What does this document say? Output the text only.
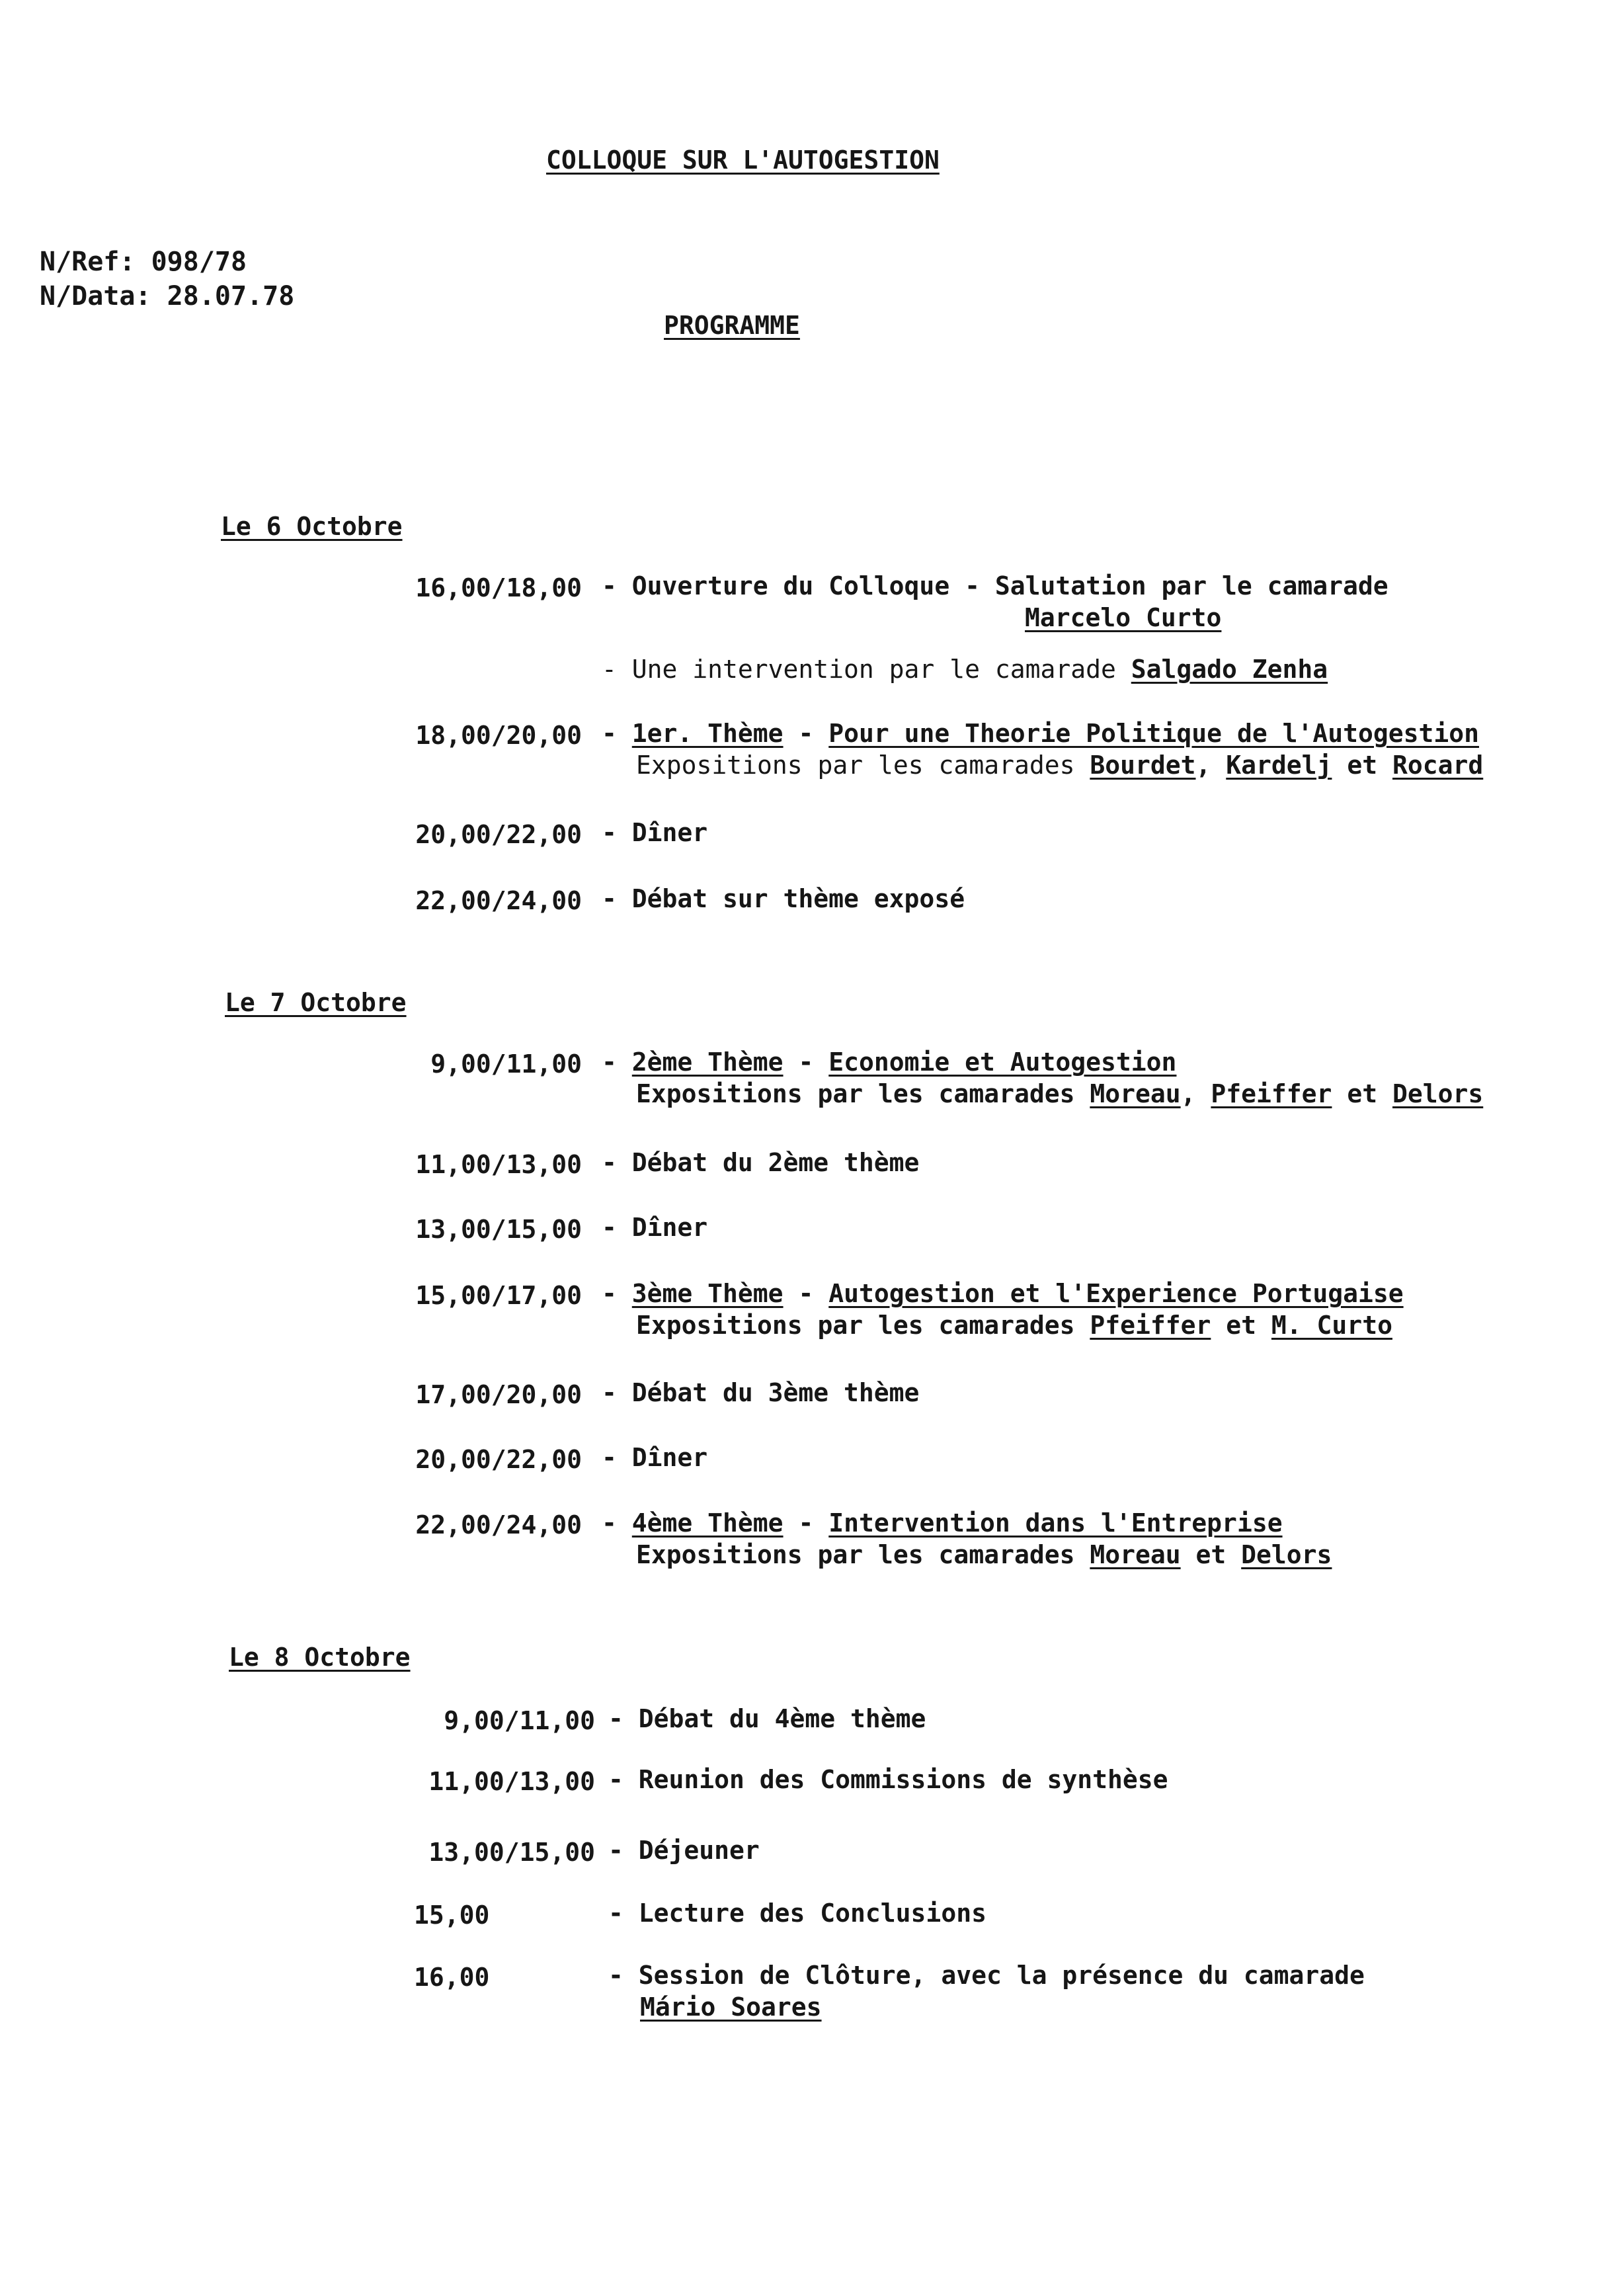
COLLOQUE SUR L'AUTOGESTION
N/Ref: 098/78
N/Data: 28.07.78
PROGRAMME
Le 6 Octobre
16,00/18,00 - Ouverture du Colloque - Salutation par le camarade
Marcelo Curto
- Une intervention par le camarade Salgado Zenha
18,00/20,00 - 1er. Thème - Pour une Theorie Politique de l'Autogestion
Expositions par les camarades Bourdet, Kardelj et Rocard
20,00/22,00 - Dîner
22,00/24,00 - Débat sur thème exposé
Le 7 Octobre
9,00/11,00 - 2ème Thème - Economie et Autogestion
Expositions par les camarades Moreau, Pfeiffer et Delors
11,00/13,00 - Débat du 2ème thème
13,00/15,00 - Dîner
15,00/17,00 - 3ème Thème - Autogestion et l'Experience Portugaise
Expositions par les camarades Pfeiffer et M. Curto
17,00/20,00 - Débat du 3ème thème
20,00/22,00 - Dîner
22,00/24,00 - 4ème Thème - Intervention dans l'Entreprise
Expositions par les camarades Moreau et Delors
Le 8 Octobre
9,00/11,00 - Débat du 4ème thème
11,00/13,00 - Reunion des Commissions de synthèse
13,00/15,00 - Déjeuner
15,00	- Lecture des Conclusions
16,00	- Session de Clôture, avec la présence du camarade
Mário Soares
